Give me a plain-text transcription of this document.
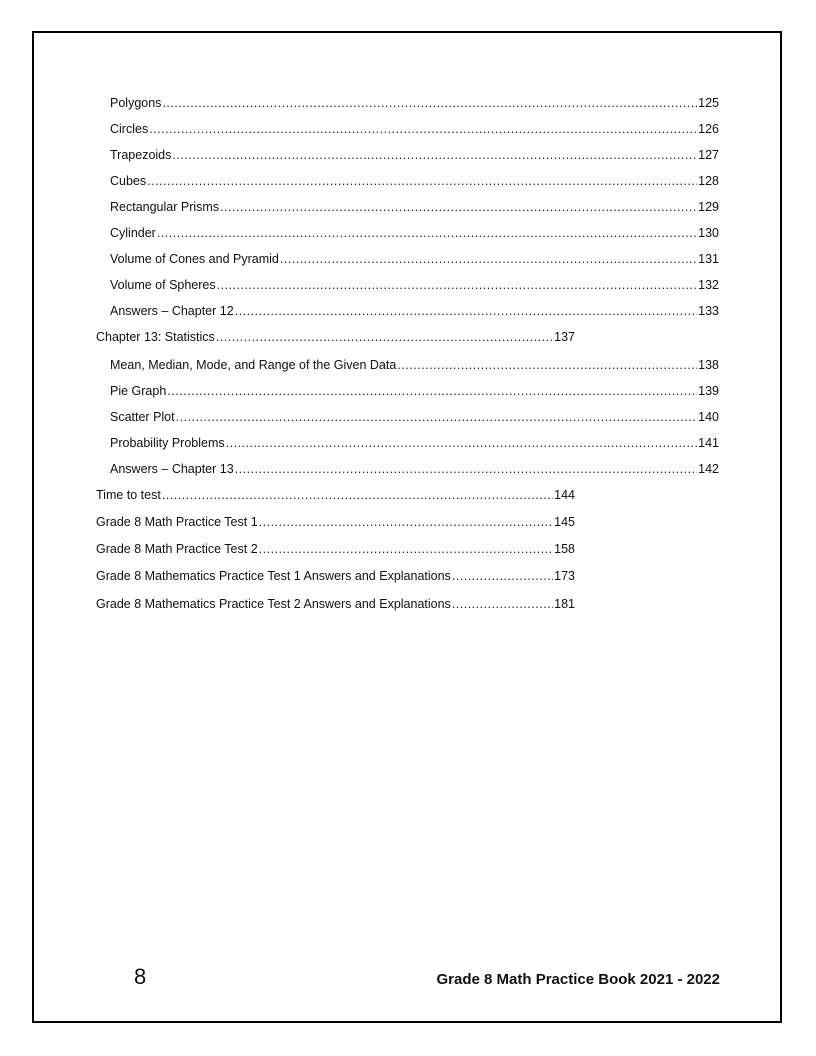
Polygons .....	125
Circles .....	126
Trapezoids .....	127
Cubes .....	128
Rectangular Prisms .....	129
Cylinder .....	130
Volume of Cones and Pyramid .....	131
Volume of Spheres .....	132
Answers – Chapter 12 .....	133
Chapter 13: Statistics .....	137
Mean, Median, Mode, and Range of the Given Data .....	138
Pie Graph .....	139
Scatter Plot .....	140
Probability Problems .....	141
Answers – Chapter 13 .....	142
Time to test .....	144
Grade 8 Math Practice Test 1 .....	145
Grade 8 Math Practice Test 2 .....	158
Grade 8 Mathematics Practice Test 1 Answers and Explanations .....	173
Grade 8 Mathematics Practice Test 2 Answers and Explanations .....	181
8	Grade 8 Math Practice Book 2021 - 2022
